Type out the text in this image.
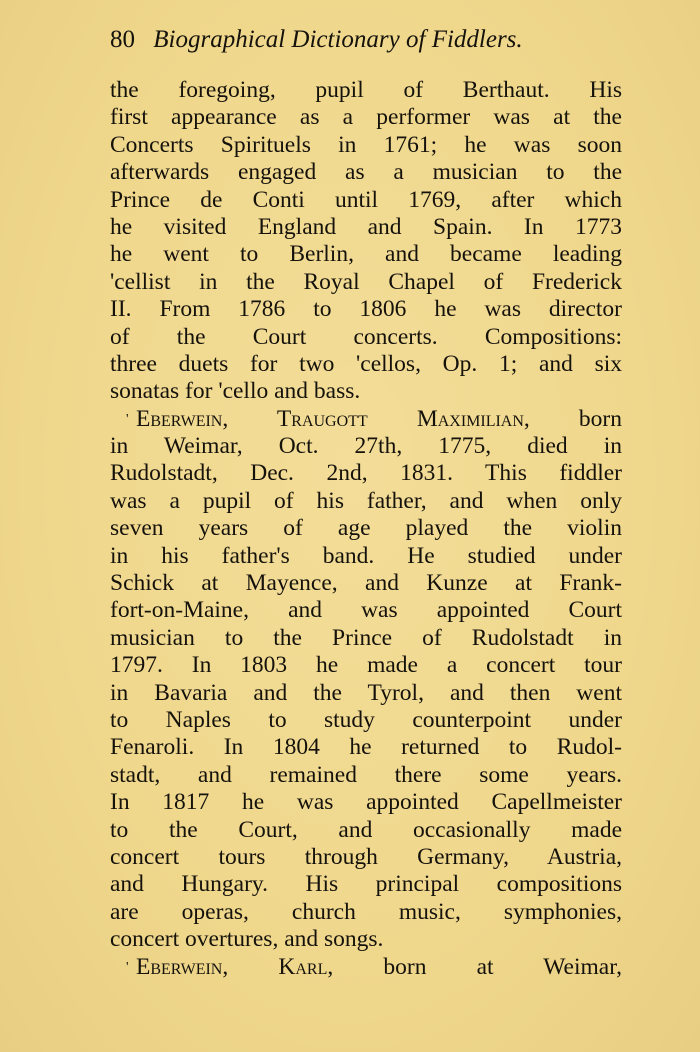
80 Biographical Dictionary of Fiddlers.
the foregoing, pupil of Berthaut. His
first appearance as a performer was at the
Concerts Spirituels in 1761; he was soon
afterwards engaged as a musician to the
Prince de Conti until 1769, after which
he visited England and Spain. In 1773
he went to Berlin, and became leading
'cellist in the Royal Chapel of Frederick
II. From 1786 to 1806 he was director
of the Court concerts. Compositions:
three duets for two 'cellos, Op. 1; and six
sonatas for 'cello and bass.
' Eberwein, Traugott Maximilian, born
in Weimar, Oct. 27th, 1775, died in
Rudolstadt, Dec. 2nd, 1831. This fiddler
was a pupil of his father, and when only
seven years of age played the violin
in his father's band. He studied under
Schick at Mayence, and Kunze at Frank-
fort-on-Maine, and was appointed Court
musician to the Prince of Rudolstadt in
1797. In 1803 he made a concert tour
in Bavaria and the Tyrol, and then went
to Naples to study counterpoint under
Fenaroli. In 1804 he returned to Rudol-
stadt, and remained there some years.
In 1817 he was appointed Capellmeister
to the Court, and occasionally made
concert tours through Germany, Austria,
and Hungary. His principal compositions
are operas, church music, symphonies,
concert overtures, and songs.
' Eberwein, Karl, born at Weimar,
